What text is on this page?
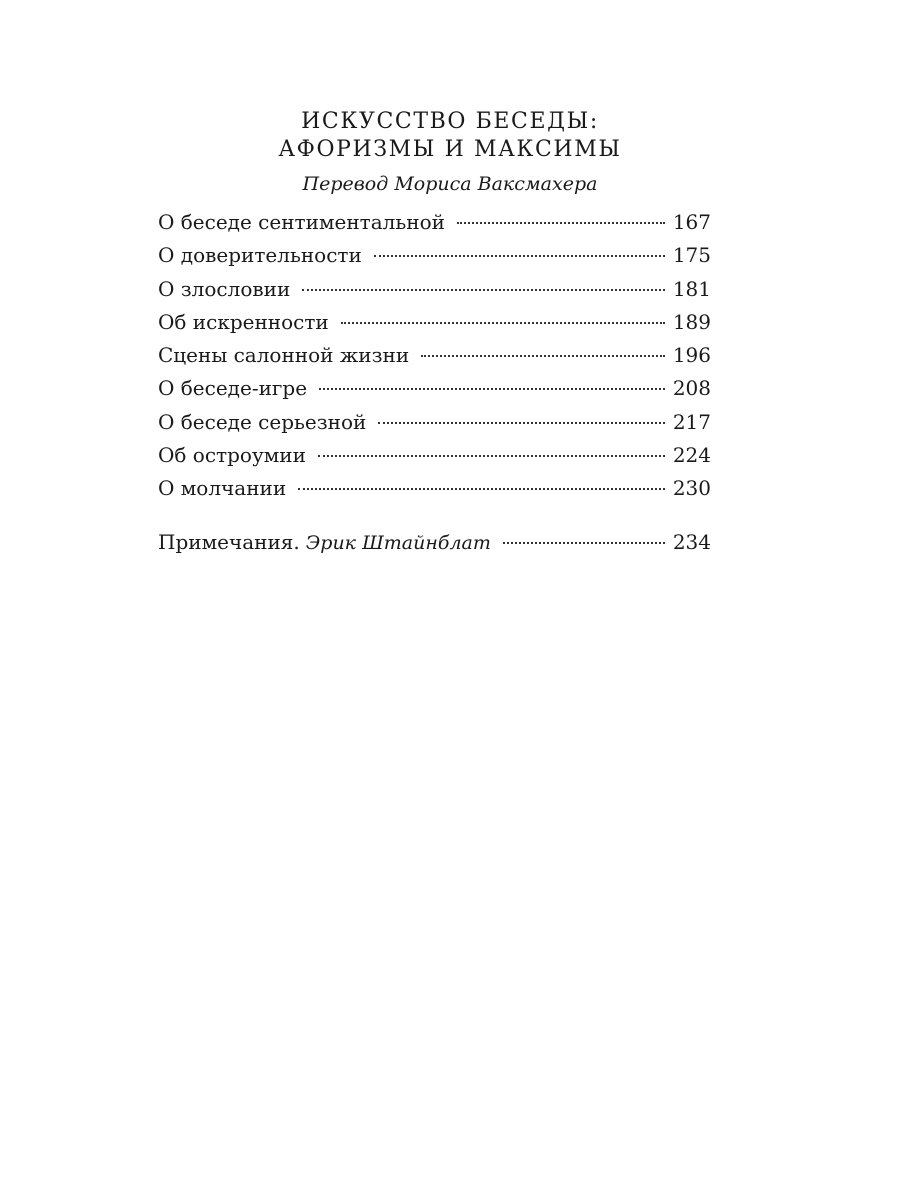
ИСКУССТВО БЕСЕДЫ:
АФОРИЗМЫ И МАКСИМЫ
Перевод Мориса Ваксмахера
О беседе сентиментальной	167
О доверительности	175
О злословии	181
Об искренности	189
Сцены салонной жизни	196
О беседе-игре	208
О беседе серьезной	217
Об остроумии	224
О молчании	230
Примечания. Эрик Штайнблат	234
